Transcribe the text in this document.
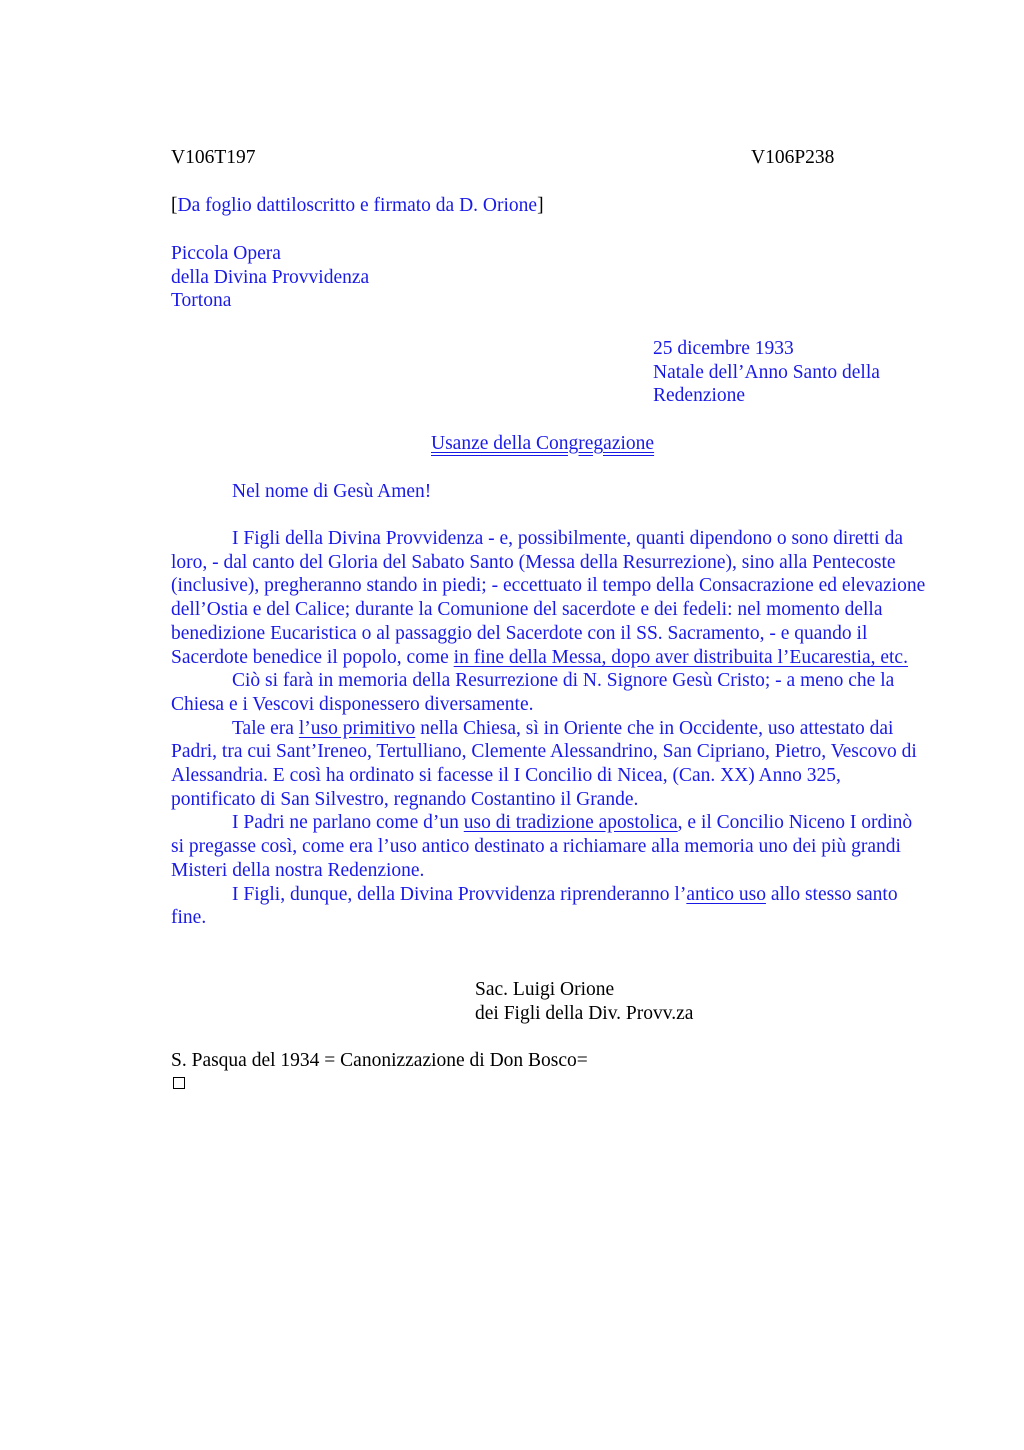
V106T197	V106P238
[Da foglio dattiloscritto e firmato da D. Orione]
Piccola Opera
della Divina Provvidenza
Tortona
25 dicembre 1933
Natale dell’Anno Santo della
Redenzione
Usanze della Congregazione
Nel nome di Gesù Amen!
I Figli della Divina Provvidenza - e, possibilmente, quanti dipendono o sono diretti da loro, - dal canto del Gloria del Sabato Santo (Messa della Resurrezione), sino alla Pentecoste (inclusive), pregheranno stando in piedi; - eccettuato il tempo della Consacrazione ed elevazione dell’Ostia e del Calice; durante la Comunione del sacerdote e dei fedeli: nel momento della benedizione Eucaristica o al passaggio del Sacerdote con il SS. Sacramento, - e quando il Sacerdote benedice il popolo, come in fine della Messa, dopo aver distribuita l’Eucarestia, etc.
Ciò si farà in memoria della Resurrezione di N. Signore Gesù Cristo; - a meno che la Chiesa e i Vescovi disponessero diversamente.
Tale era l’uso primitivo nella Chiesa, sì in Oriente che in Occidente, uso attestato dai Padri, tra cui Sant’Ireneo, Tertulliano, Clemente Alessandrino, San Cipriano, Pietro, Vescovo di Alessandria. E così ha ordinato si facesse il I Concilio di Nicea, (Can. XX) Anno 325, pontificato di San Silvestro, regnando Costantino il Grande.
I Padri ne parlano come d’un uso di tradizione apostolica, e il Concilio Niceno I ordinò si pregasse così, come era l’uso antico destinato a richiamare alla memoria uno dei più grandi Misteri della nostra Redenzione.
I Figli, dunque, della Divina Provvidenza riprenderanno l’antico uso allo stesso santo fine.
Sac. Luigi Orione
dei Figli della Div. Provv.za
S. Pasqua del 1934 = Canonizzazione di Don Bosco=
